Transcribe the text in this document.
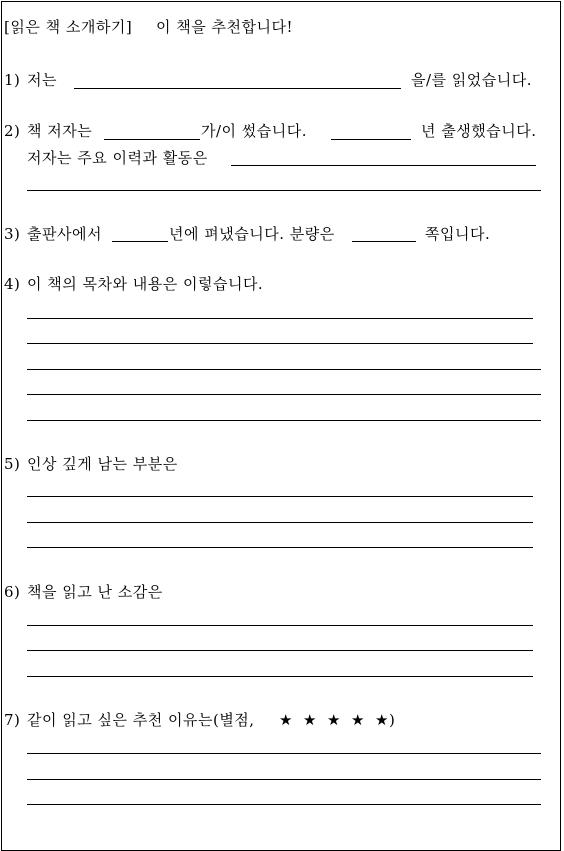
[읽은 책 소개하기] 이 책을 추천합니다!
1) 저는	을/를 읽었습니다.
2) 책 저자는	가/이 썼습니다.	년 출생했습니다.
저자는 주요 이력과 활동은
3) 출판사에서	년에 펴냈습니다. 분량은	쪽입니다.
4) 이 책의 목차와 내용은 이렇습니다.
5) 인상 깊게 남는 부분은
6) 책을 읽고 난 소감은
7) 같이 읽고 싶은 추천 이유는(별점, ★ ★ ★ ★ ★ )
